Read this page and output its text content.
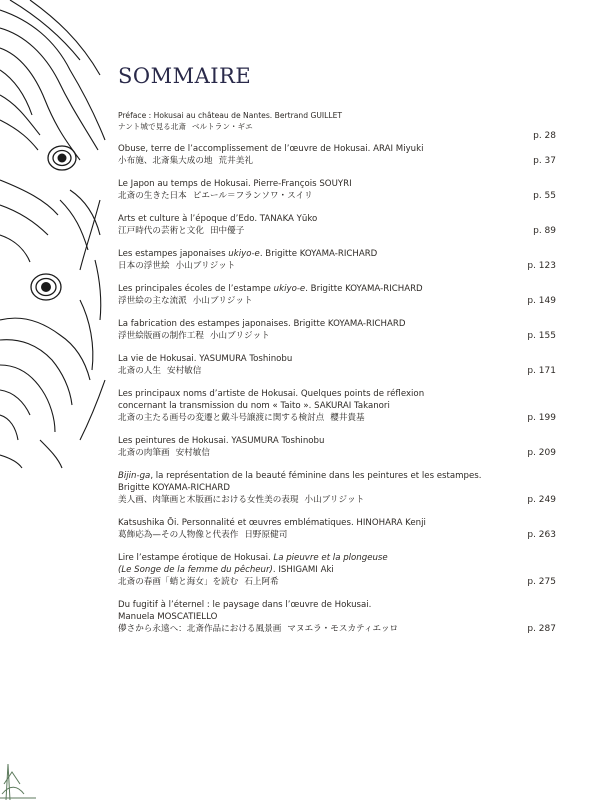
SOMMAIRE
Préface : Hokusai au château de Nantes. Bertrand GUILLET
ナント城で見る北斎 ベルトラン・ギエ
p. 28
Obuse, terre de l’accomplissement de l’œuvre de Hokusai. ARAI Miyuki
小布施、北斎集大成の地 荒井美礼	p. 37
Le Japon au temps de Hokusai. Pierre-François SOUYRI
北斎の生きた日本 ピエール＝フランソワ・スイリ	p. 55
Arts et culture à l’époque d’Edo. TANAKA Yūko
江戸時代の芸術と文化 田中優子	p. 89
Les estampes japonaises ukiyo-e. Brigitte KOYAMA-RICHARD
日本の浮世絵 小山ブリジット	p. 123
Les principales écoles de l’estampe ukiyo-e. Brigitte KOYAMA-RICHARD
浮世絵の主な流派 小山ブリジット	p. 149
La fabrication des estampes japonaises. Brigitte KOYAMA-RICHARD
浮世絵版画の制作工程 小山ブリジット	p. 155
La vie de Hokusai. YASUMURA Toshinobu
北斎の人生 安村敏信	p. 171
Les principaux noms d’artiste de Hokusai. Quelques points de réflexion
concernant la transmission du nom « Taito ». SAKURAI Takanori
北斎の主たる画号の変遷と戴斗号譲渡に関する検討点 櫻井貴基	p. 199
Les peintures de Hokusai. YASUMURA Toshinobu
北斎の肉筆画 安村敏信	p. 209
Bijin-ga, la représentation de la beauté féminine dans les peintures et les estampes.
Brigitte KOYAMA-RICHARD
美人画、肉筆画と木版画における女性美の表現 小山ブリジット	p. 249
Katsushika Ōi. Personnalité et œuvres emblématiques. HINOHARA Kenji
葛飾応為—その人物像と代表作 日野原健司	p. 263
Lire l’estampe érotique de Hokusai. La pieuvre et la plongeuse
(Le Songe de la femme du pêcheur). ISHIGAMI Aki
北斎の春画「蛸と海女」を読む 石上阿希	p. 275
Du fugitif à l’éternel : le paysage dans l’œuvre de Hokusai.
Manuela MOSCATIELLO
儚さから永遠へ：北斎作品における風景画 マヌエラ・モスカティエッロ	p. 287
